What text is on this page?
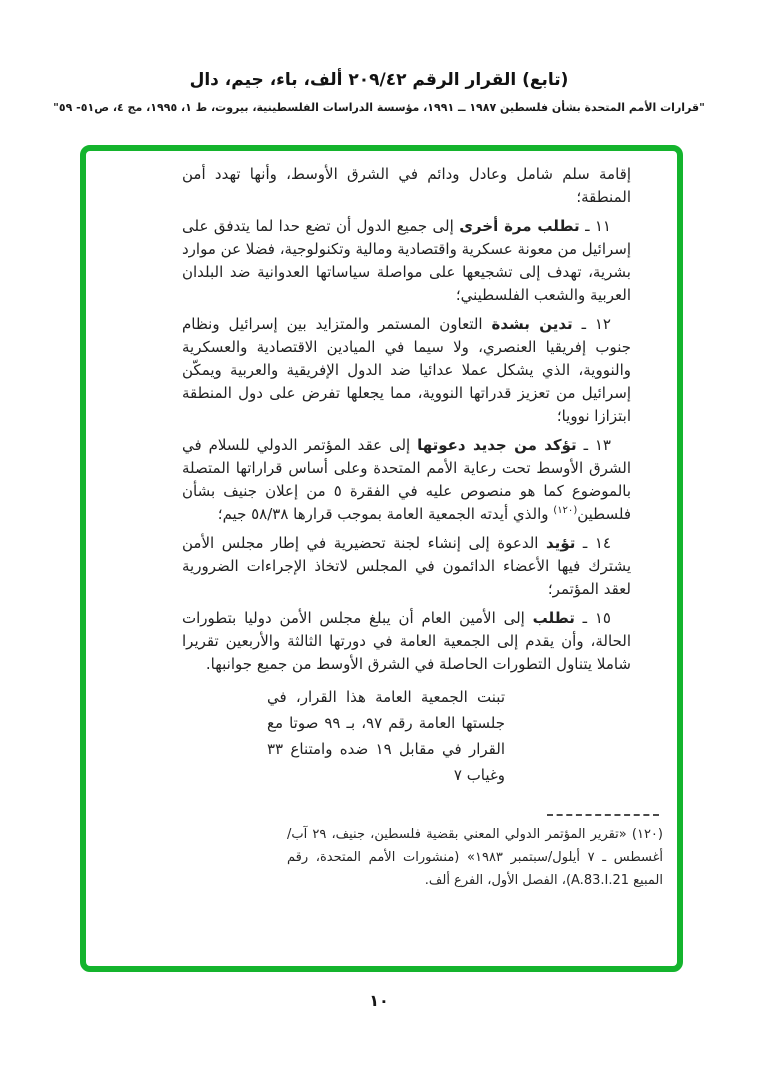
(تابع) القرار الرقم ٢٠٩/٤٢ ألف، باء، جيم، دال
"قرارات الأمم المتحدة بشأن فلسطين ١٩٨٧ ــ ١٩٩١، مؤسسة الدراسات الفلسطينية، بيروت، ط ١، ١٩٩٥، مج ٤، ص٥١- ٥٩"

إقامة سلم شامل وعادل ودائم في الشرق الأوسط، وأنها تهدد أمن المنطقة؛

١١ ـ تطلب مرة أخرى إلى جميع الدول أن تضع حدا لما يتدفق على إسرائيل من معونة عسكرية واقتصادية ومالية وتكنولوجية، فضلا عن موارد بشرية، تهدف إلى تشجيعها على مواصلة سياساتها العدوانية ضد البلدان العربية والشعب الفلسطيني؛

١٢ ـ تدين بشدة التعاون المستمر والمتزايد بين إسرائيل ونظام جنوب إفريقيا العنصري، ولا سيما في الميادين الاقتصادية والعسكرية والنووية، الذي يشكل عملا عدائيا ضد الدول الإفريقية والعربية ويمكّن إسرائيل من تعزيز قدراتها النووية، مما يجعلها تفرض على دول المنطقة ابتزازا نوويا؛

١٣ ـ تؤكد من جديد دعوتها إلى عقد المؤتمر الدولي للسلام في الشرق الأوسط تحت رعاية الأمم المتحدة وعلى أساس قراراتها المتصلة بالموضوع كما هو منصوص عليه في الفقرة ٥ من إعلان جنيف بشأن فلسطين$^{(١٢٠)}$ والذي أيدته الجمعية العامة بموجب قرارها ٥٨/٣٨ جيم؛

١٤ ـ تؤيد الدعوة إلى إنشاء لجنة تحضيرية في إطار مجلس الأمن يشترك فيها الأعضاء الدائمون في المجلس لاتخاذ الإجراءات الضرورية لعقد المؤتمر؛

١٥ ـ تطلب إلى الأمين العام أن يبلغ مجلس الأمن دوليا بتطورات الحالة، وأن يقدم إلى الجمعية العامة في دورتها الثالثة والأربعين تقريرا شاملا يتناول التطورات الحاصلة في الشرق الأوسط من جميع جوانبها.

تبنت الجمعية العامة هذا القرار، في جلستها العامة رقم ٩٧، بـ ٩٩ صوتا مع القرار في مقابل ١٩ ضده وامتناع ٣٣ وغياب ٧
(١٢٠) «تقرير المؤتمر الدولي المعني بقضية فلسطين، جنيف، ٢٩ آب/أغسطس ـ ٧ أيلول/سبتمبر ١٩٨٣» (منشورات الأمم المتحدة، رقم المبيع A.83.I.21)، الفصل الأول، الفرع ألف.
١٠
